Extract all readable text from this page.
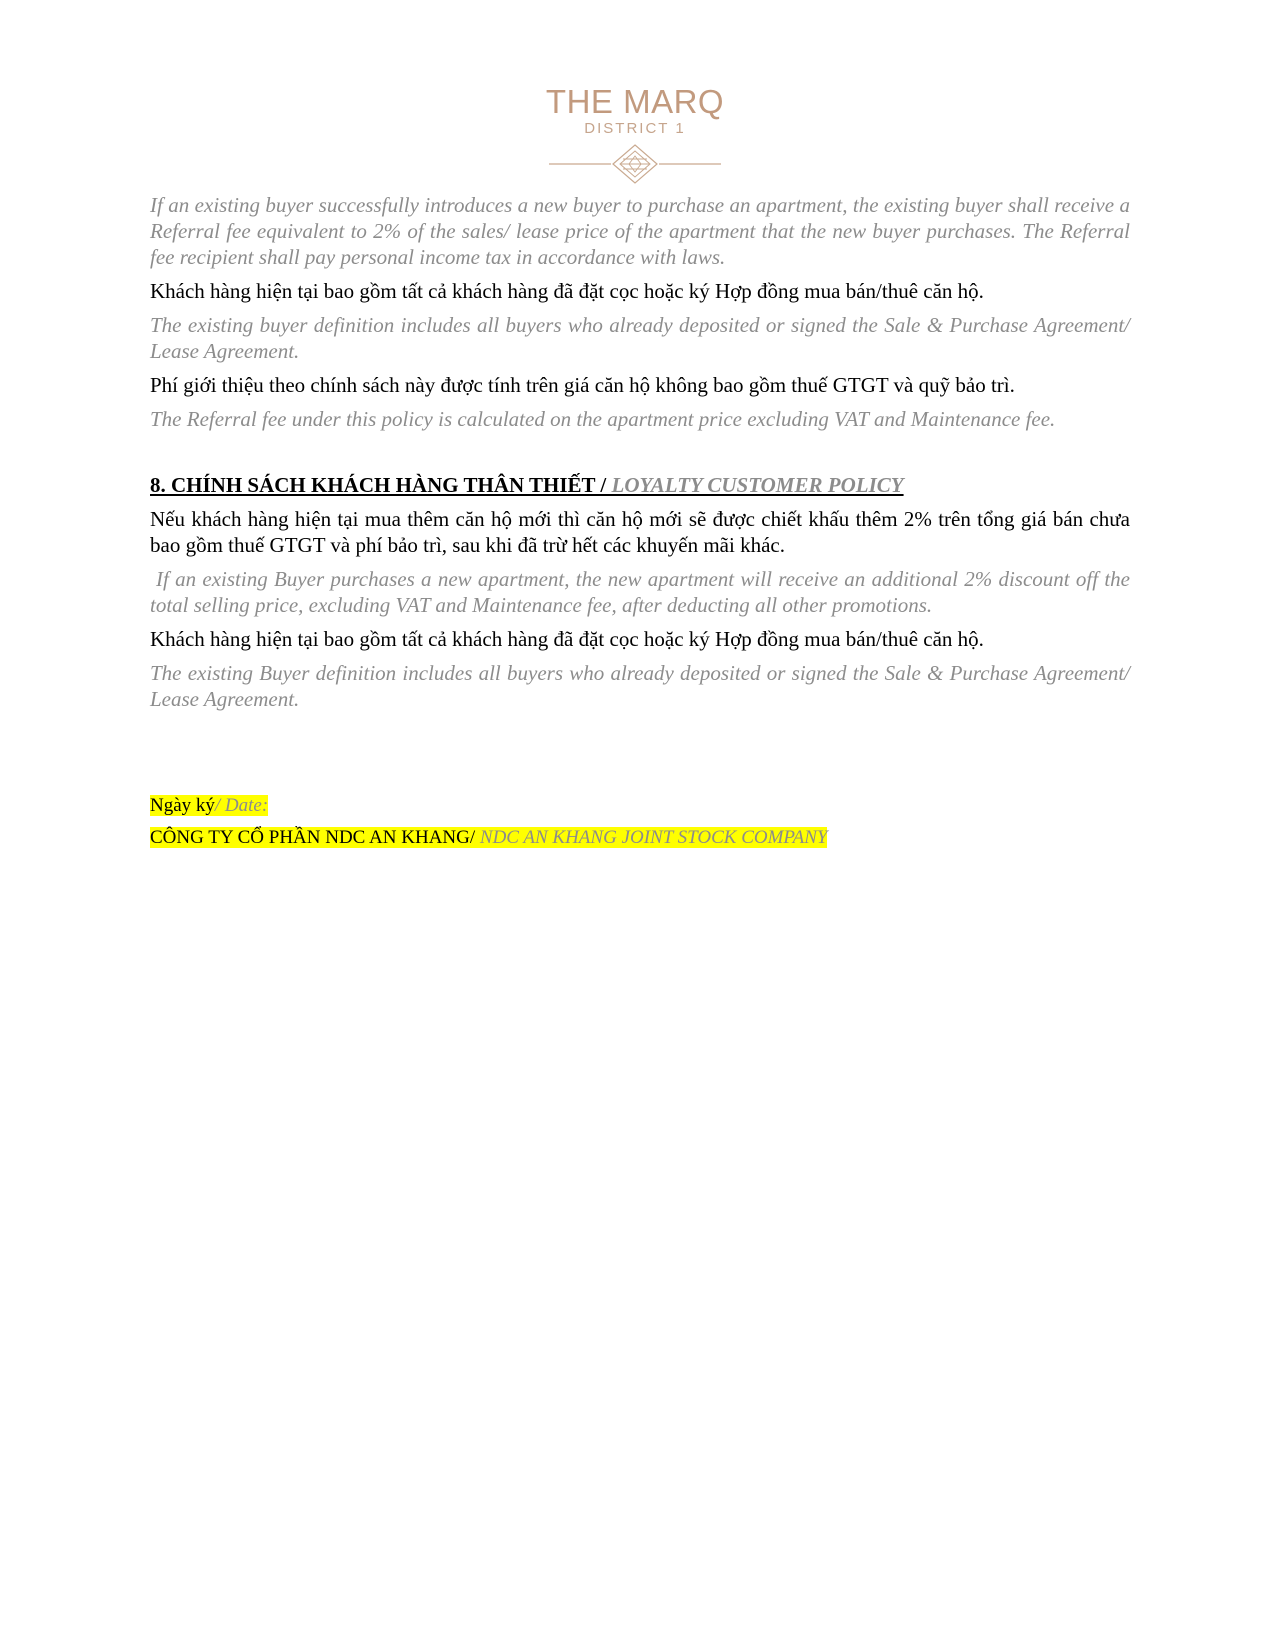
THE MARQ
DISTRICT 1

If an existing buyer successfully introduces a new buyer to purchase an apartment, the existing buyer shall receive a Referral fee equivalent to 2% of the sales/ lease price of the apartment that the new buyer purchases. The Referral fee recipient shall pay personal income tax in accordance with laws.

Khách hàng hiện tại bao gồm tất cả khách hàng đã đặt cọc hoặc ký Hợp đồng mua bán/thuê căn hộ.

The existing buyer definition includes all buyers who already deposited or signed the Sale & Purchase Agreement/ Lease Agreement.

Phí giới thiệu theo chính sách này được tính trên giá căn hộ không bao gồm thuế GTGT và quỹ bảo trì.

The Referral fee under this policy is calculated on the apartment price excluding VAT and Maintenance fee.

8. CHÍNH SÁCH KHÁCH HÀNG THÂN THIẾT / LOYALTY CUSTOMER POLICY

Nếu khách hàng hiện tại mua thêm căn hộ mới thì căn hộ mới sẽ được chiết khấu thêm 2% trên tổng giá bán chưa bao gồm thuế GTGT và phí bảo trì, sau khi đã trừ hết các khuyến mãi khác.

If an existing Buyer purchases a new apartment, the new apartment will receive an additional 2% discount off the total selling price, excluding VAT and Maintenance fee, after deducting all other promotions.

Khách hàng hiện tại bao gồm tất cả khách hàng đã đặt cọc hoặc ký Hợp đồng mua bán/thuê căn hộ.

The existing Buyer definition includes all buyers who already deposited or signed the Sale & Purchase Agreement/ Lease Agreement.

Ngày ký/ Date:

CÔNG TY CỔ PHẦN NDC AN KHANG/ NDC AN KHANG JOINT STOCK COMPANY
